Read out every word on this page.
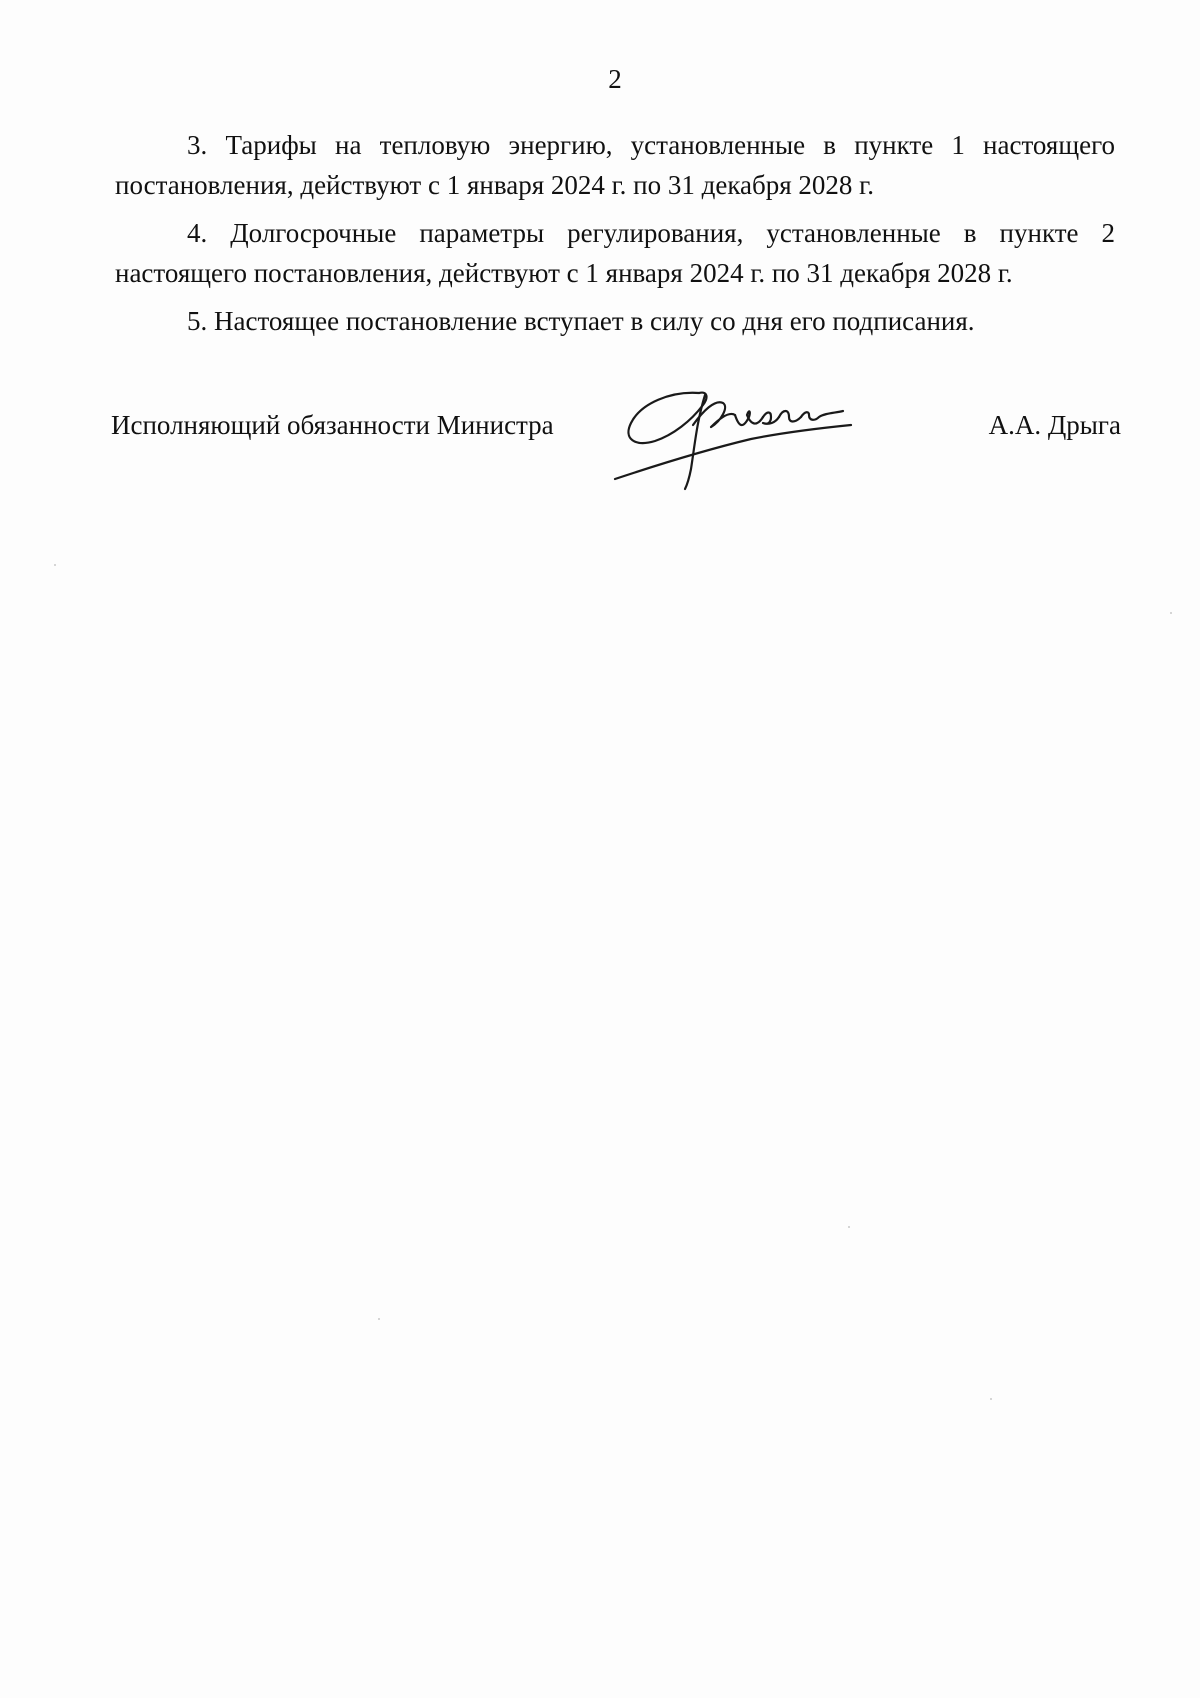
2

3. Тарифы на тепловую энергию, установленные в пункте 1 настоящего постановления, действуют с 1 января 2024 г. по 31 декабря 2028 г.

4. Долгосрочные параметры регулирования, установленные в пункте 2 настоящего постановления, действуют с 1 января 2024 г. по 31 декабря 2028 г.

5. Настоящее постановление вступает в силу со дня его подписания.

Исполняющий обязанности Министра	А.А. Дрыга
